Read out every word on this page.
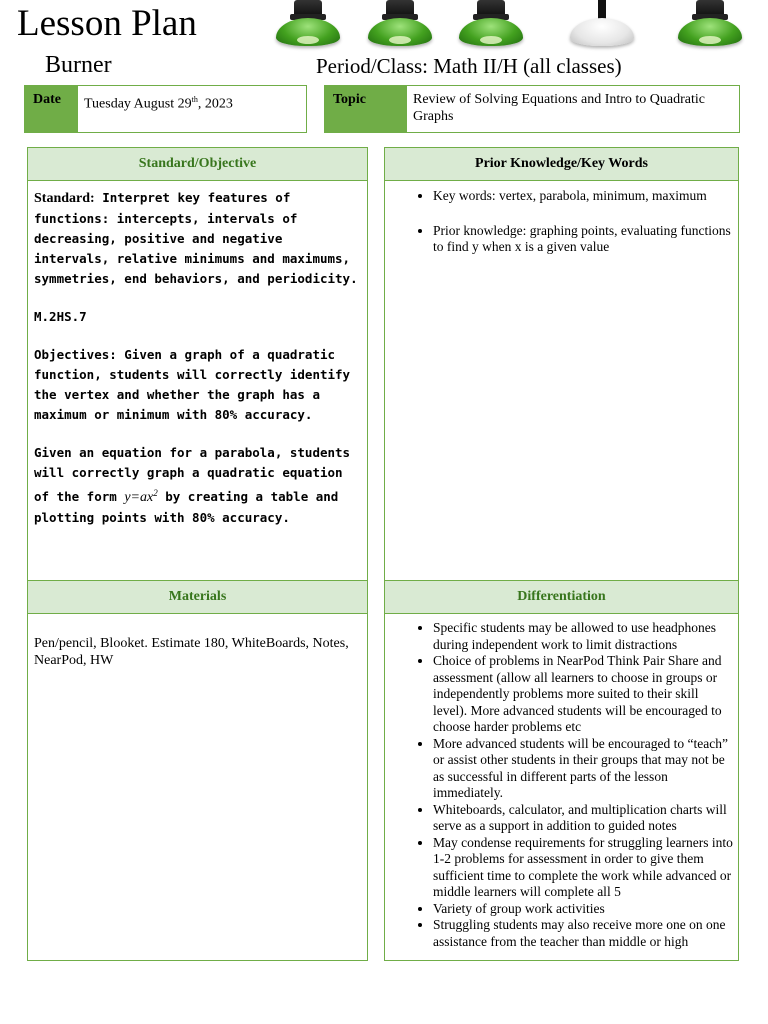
Lesson Plan
Burner	Period/Class: Math II/H (all classes)
Date	Tuesday August 29th, 2023	Topic	Review of Solving Equations and Intro to Quadratic Graphs
Standard/Objective

Standard: Interpret key features of functions: intercepts, intervals of decreasing, positive and negative intervals, relative minimums and maximums, symmetries, end behaviors, and periodicity.

M.2HS.7

Objectives: Given a graph of a quadratic function, students will correctly identify the vertex and whether the graph has a maximum or minimum with 80% accuracy.

Given an equation for a parabola, students will correctly graph a quadratic equation of the form $y=ax^2$ by creating a table and plotting points with 80% accuracy.

Prior Knowledge/Key Words
• Key words: vertex, parabola, minimum, maximum
• Prior knowledge: graphing points, evaluating functions to find y when x is a given value
Materials

Pen/pencil, Blooket. Estimate 180, WhiteBoards, Notes, NearPod, HW

Differentiation
• Specific students may be allowed to use headphones during independent work to limit distractions
• Choice of problems in NearPod Think Pair Share and assessment (allow all learners to choose in groups or independently problems more suited to their skill level). More advanced students will be encouraged to choose harder problems etc
• More advanced students will be encouraged to “teach” or assist other students in their groups that may not be as successful in different parts of the lesson immediately.
• Whiteboards, calculator, and multiplication charts will serve as a support in addition to guided notes
• May condense requirements for struggling learners into 1-2 problems for assessment in order to give them sufficient time to complete the work while advanced or middle learners will complete all 5
• Variety of group work activities
• Struggling students may also receive more one on one assistance from the teacher than middle or high
